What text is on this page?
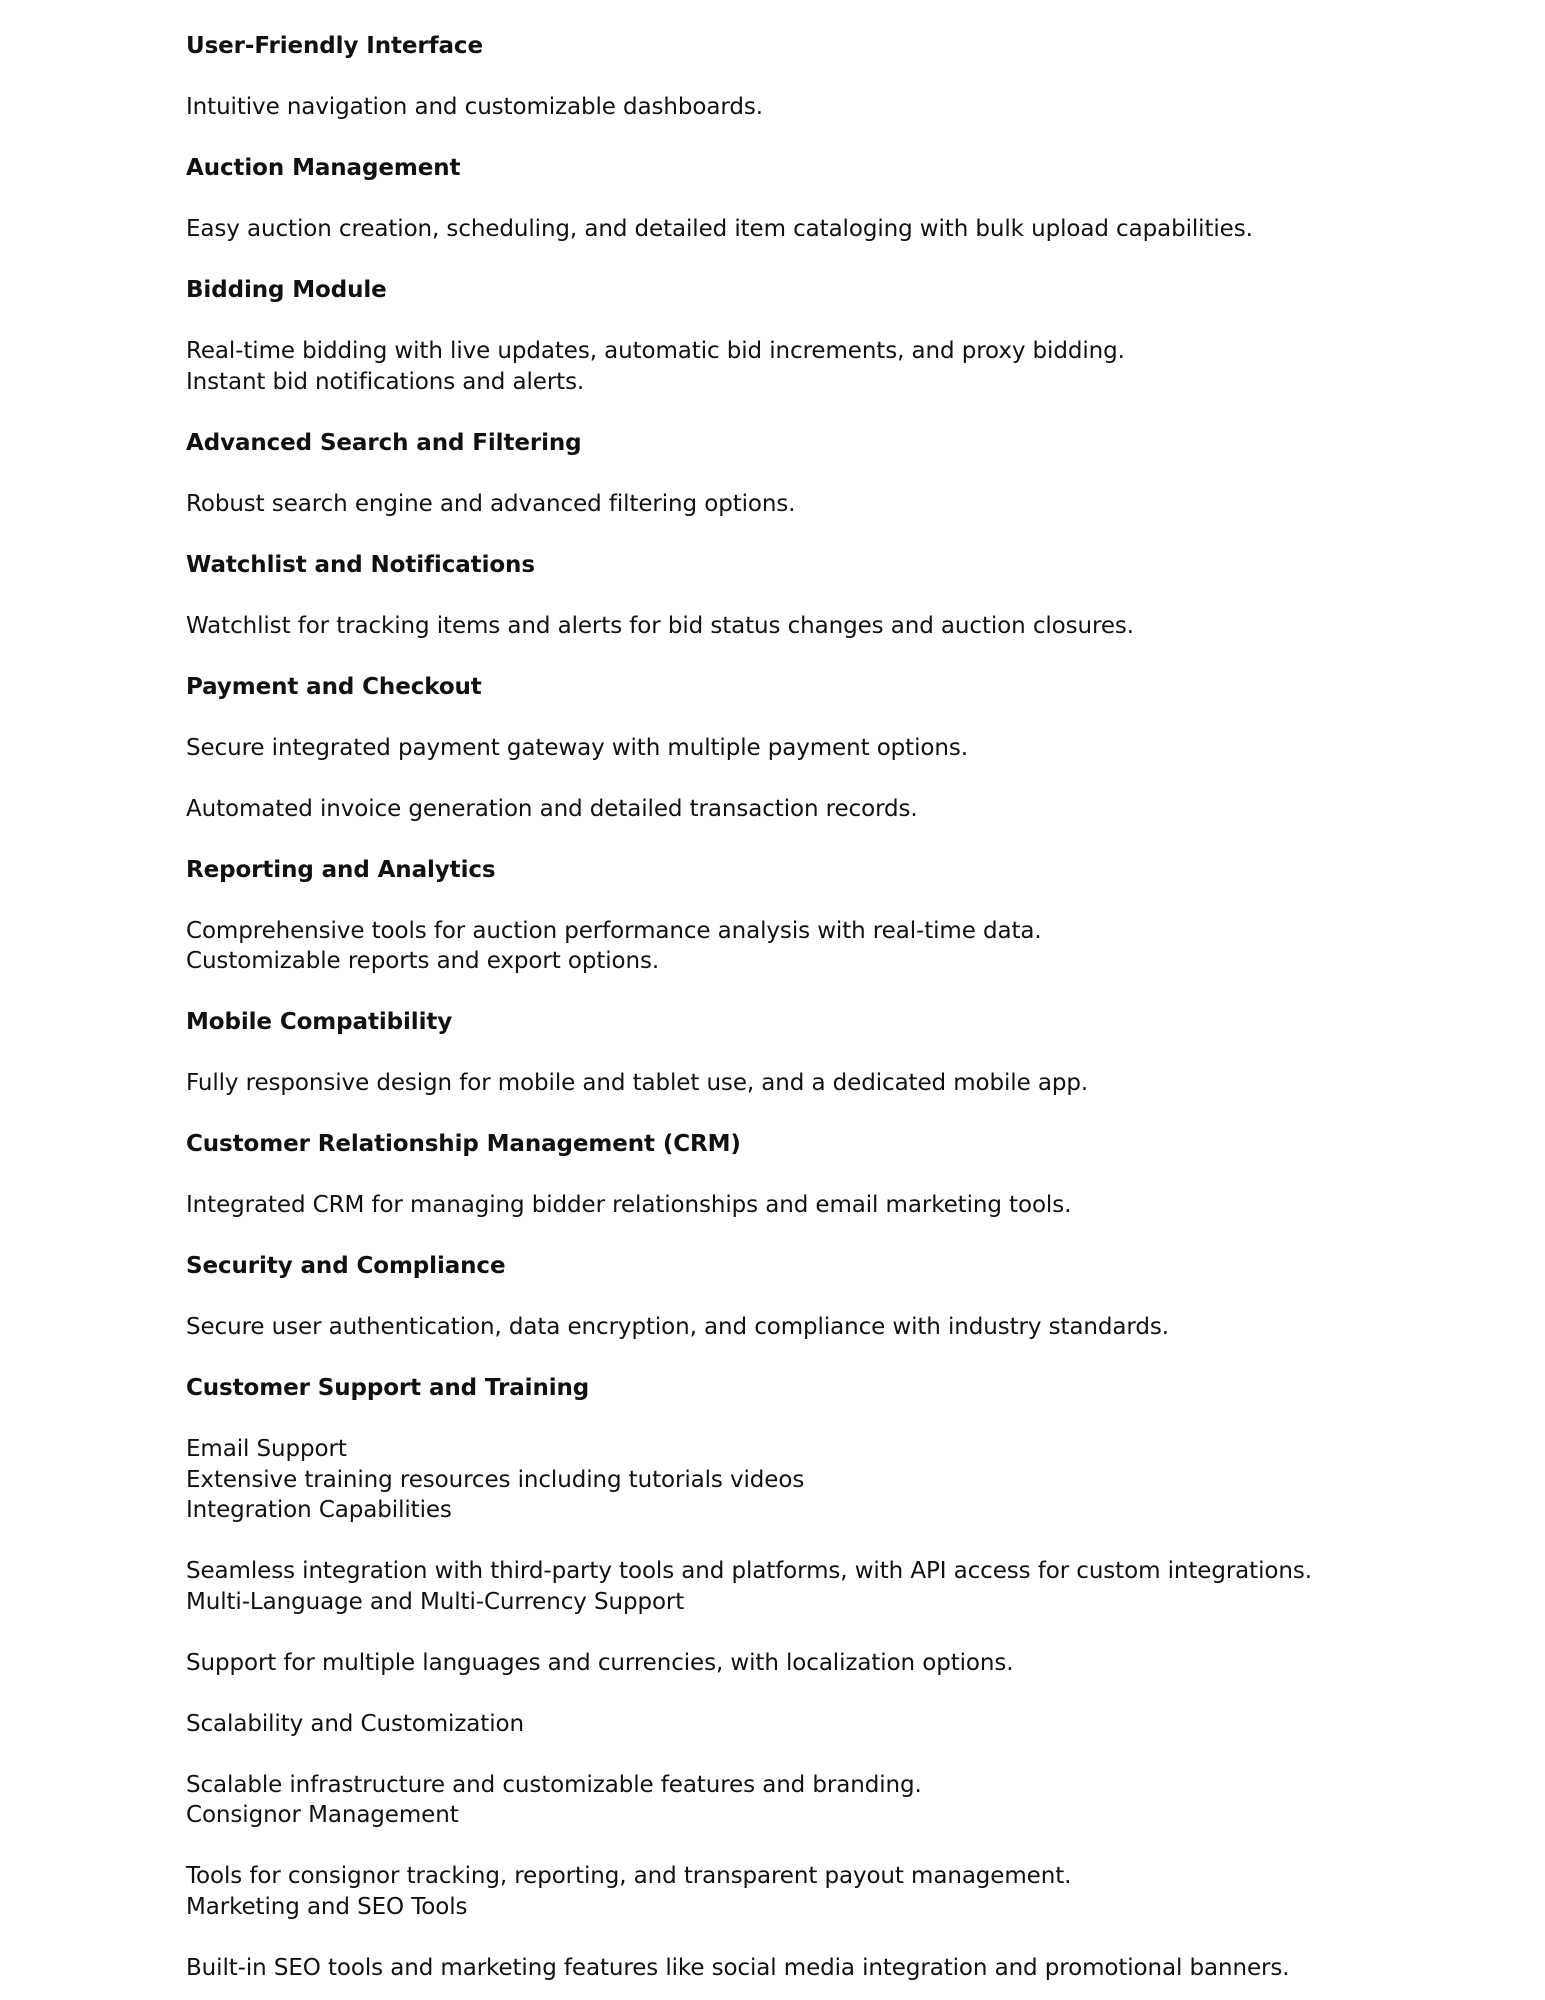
User-Friendly Interface
Intuitive navigation and customizable dashboards.
Auction Management
Easy auction creation, scheduling, and detailed item cataloging with bulk upload capabilities.
Bidding Module
Real-time bidding with live updates, automatic bid increments, and proxy bidding.
Instant bid notifications and alerts.
Advanced Search and Filtering
Robust search engine and advanced filtering options.
Watchlist and Notifications
Watchlist for tracking items and alerts for bid status changes and auction closures.
Payment and Checkout
Secure integrated payment gateway with multiple payment options.
Automated invoice generation and detailed transaction records.
Reporting and Analytics
Comprehensive tools for auction performance analysis with real-time data.
Customizable reports and export options.
Mobile Compatibility
Fully responsive design for mobile and tablet use, and a dedicated mobile app.
Customer Relationship Management (CRM)
Integrated CRM for managing bidder relationships and email marketing tools.
Security and Compliance
Secure user authentication, data encryption, and compliance with industry standards.
Customer Support and Training
Email Support
Extensive training resources including tutorials videos
Integration Capabilities
Seamless integration with third-party tools and platforms, with API access for custom integrations.
Multi-Language and Multi-Currency Support
Support for multiple languages and currencies, with localization options.
Scalability and Customization
Scalable infrastructure and customizable features and branding.
Consignor Management
Tools for consignor tracking, reporting, and transparent payout management.
Marketing and SEO Tools
Built-in SEO tools and marketing features like social media integration and promotional banners.
